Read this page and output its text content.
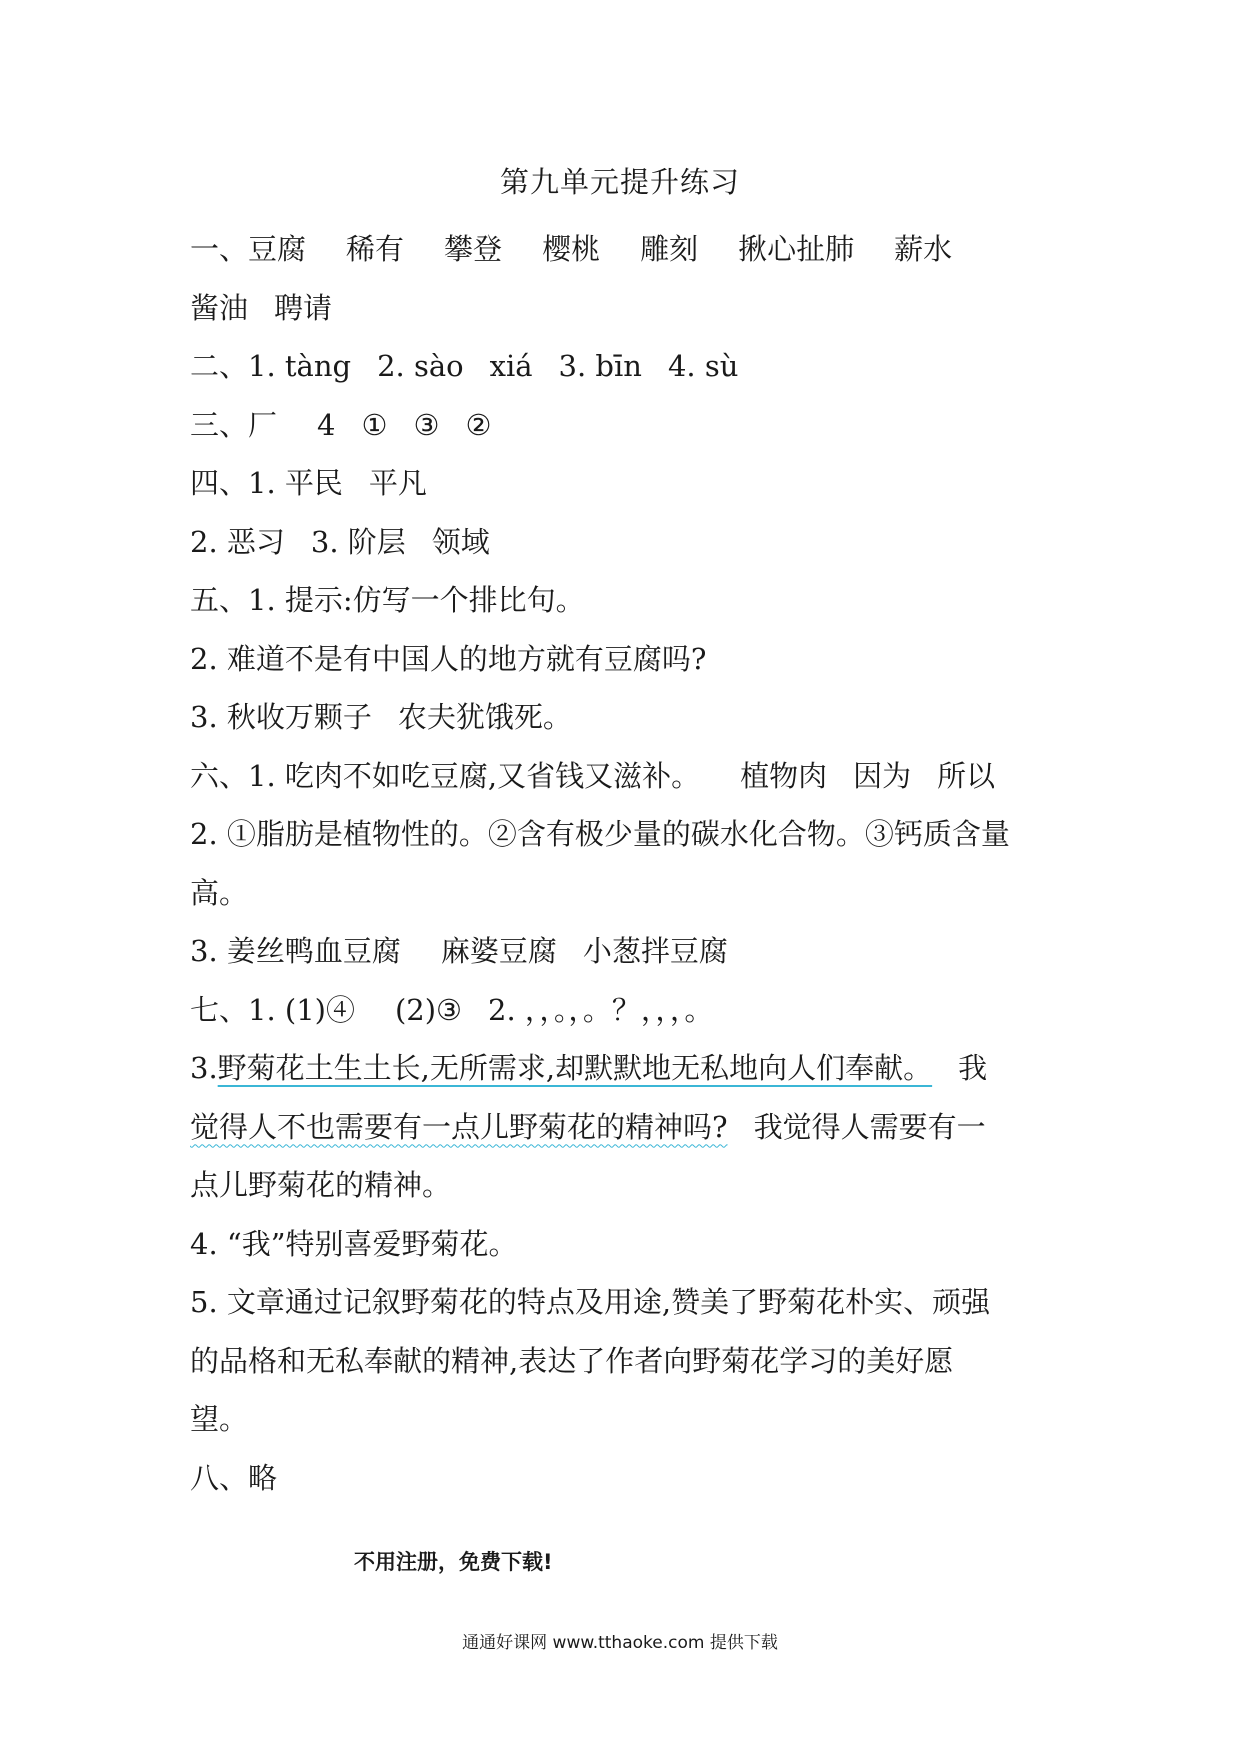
第九单元提升练习
一、豆腐 稀有 攀登 樱桃 雕刻 揪心扯肺 薪水
酱油 聘请
二、1. tàng 2. sào xiá 3. bīn 4. sù
三、厂 4 ① ③ ②
四、1. 平民 平凡
2. 恶习 3. 阶层 领域
五、1. 提示:仿写一个排比句。
2. 难道不是有中国人的地方就有豆腐吗?
3. 秋收万颗子 农夫犹饿死。
六、1. 吃肉不如吃豆腐,又省钱又滋补。 植物肉 因为 所以
2. ①脂肪是植物性的。②含有极少量的碳水化合物。③钙质含量
高。
3. 姜丝鸭血豆腐 麻婆豆腐 小葱拌豆腐
七、1. (1)④ (2)③ 2. ，，。，。？，，，。
3.野菊花土生土长,无所需求,却默默地无私地向人们奉献。 我
觉得人不也需要有一点儿野菊花的精神吗? 我觉得人需要有一
点儿野菊花的精神。
4. “我”特别喜爱野菊花。
5. 文章通过记叙野菊花的特点及用途,赞美了野菊花朴实、顽强
的品格和无私奉献的精神,表达了作者向野菊花学习的美好愿
望。
八、略
不用注册，免费下载!
通通好课网 www.tthaoke.com 提供下载
